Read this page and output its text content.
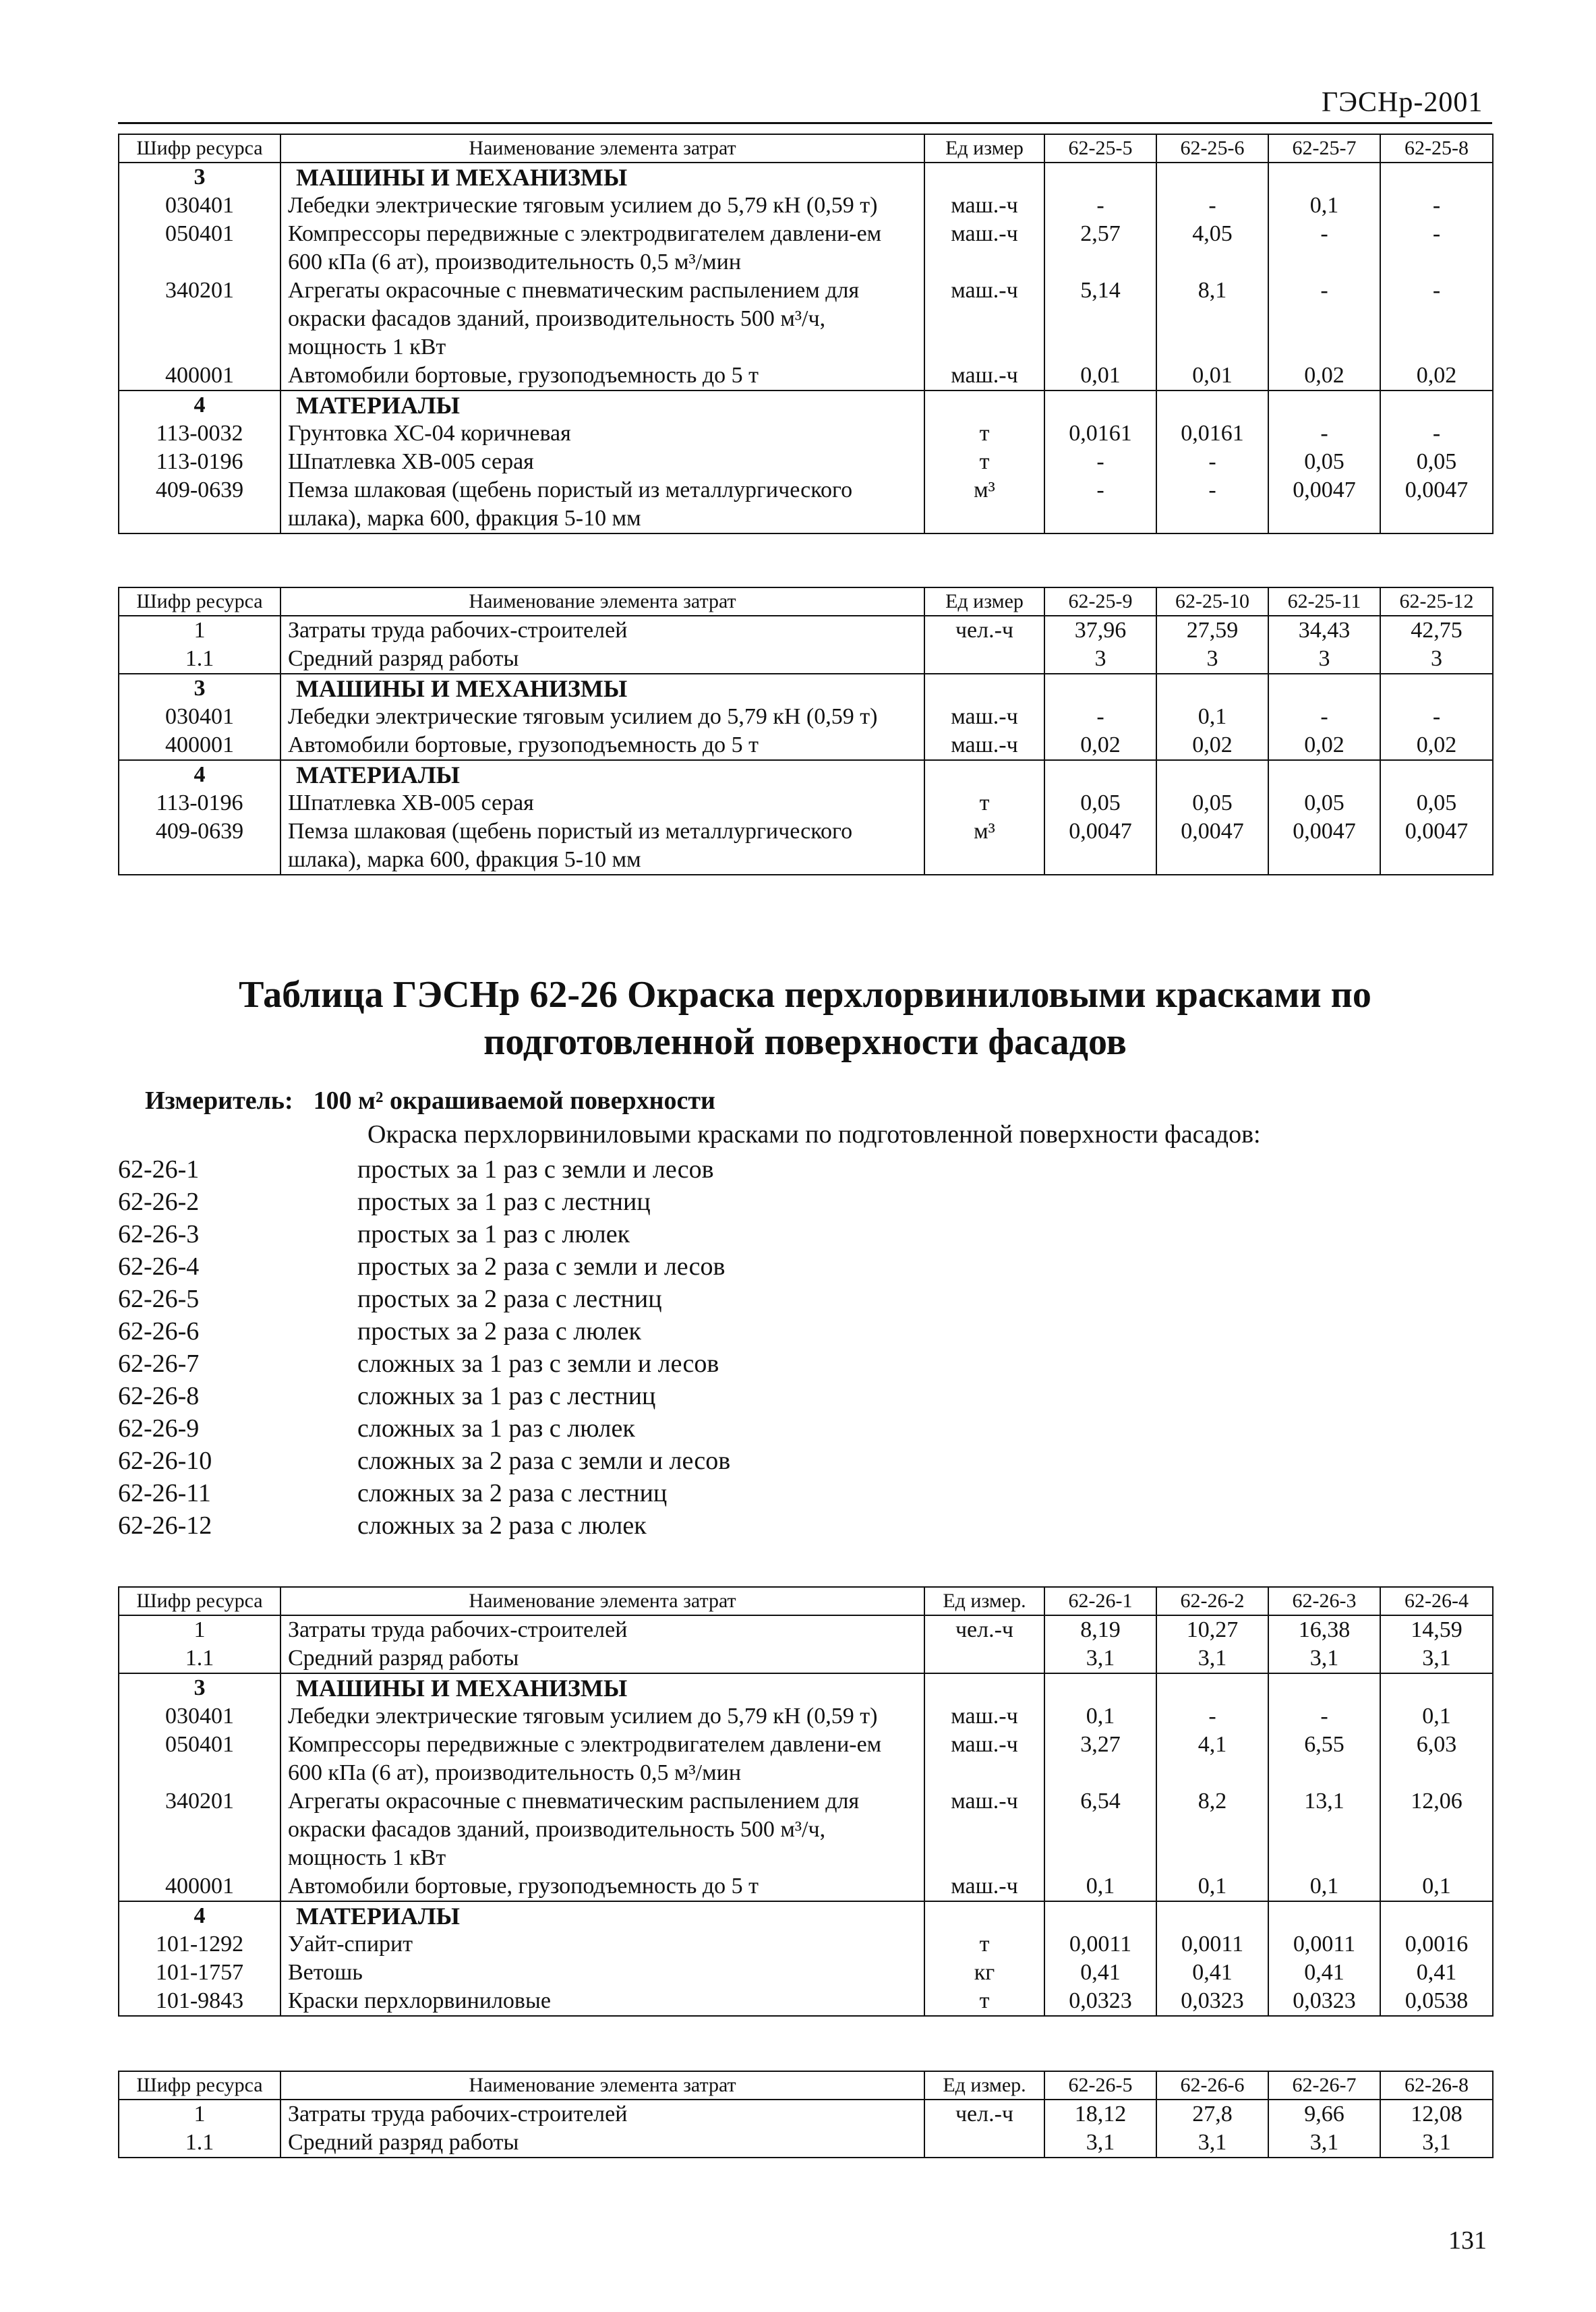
ГЭСНр-2001
Шифр ресурса	Наименование элемента затрат	Ед измер	62-25-5	62-25-6	62-25-7	62-25-8
3	МАШИНЫ И МЕХАНИЗМЫ					
030401	Лебедки электрические тяговым усилием до 5,79 кН (0,59 т)	маш.-ч	-	-	0,1	-
050401	Компрессоры передвижные с электродвигателем давлени-ем 600 кПа (6 ат), производительность 0,5 м³/мин	маш.-ч	2,57	4,05	-	-
340201	Агрегаты окрасочные с пневматическим распылением для окраски фасадов зданий, производительность 500 м³/ч, мощность 1 кВт	маш.-ч	5,14	8,1	-	-
400001	Автомобили бортовые, грузоподъемность до 5 т	маш.-ч	0,01	0,01	0,02	0,02
4	МАТЕРИАЛЫ					
113-0032	Грунтовка ХС-04 коричневая	т	0,0161	0,0161	-	-
113-0196	Шпатлевка ХВ-005 серая	т	-	-	0,05	0,05
409-0639	Пемза шлаковая (щебень пористый из металлургического шлака), марка 600, фракция 5-10 мм	м³	-	-	0,0047	0,0047
Шифр ресурса	Наименование элемента затрат	Ед измер	62-25-9	62-25-10	62-25-11	62-25-12
1	Затраты труда рабочих-строителей	чел.-ч	37,96	27,59	34,43	42,75
1.1	Средний разряд работы		3	3	3	3
3	МАШИНЫ И МЕХАНИЗМЫ					
030401	Лебедки электрические тяговым усилием до 5,79 кН (0,59 т)	маш.-ч	-	0,1	-	-
400001	Автомобили бортовые, грузоподъемность до 5 т	маш.-ч	0,02	0,02	0,02	0,02
4	МАТЕРИАЛЫ					
113-0196	Шпатлевка ХВ-005 серая	т	0,05	0,05	0,05	0,05
409-0639	Пемза шлаковая (щебень пористый из металлургического шлака), марка 600, фракция 5-10 мм	м³	0,0047	0,0047	0,0047	0,0047
Таблица ГЭСНр 62-26 Окраска перхлорвиниловыми красками по подготовленной поверхности фасадов
Измеритель: 100 м² окрашиваемой поверхности
Окраска перхлорвиниловыми красками по подготовленной поверхности фасадов:
62-26-1	простых за 1 раз с земли и лесов
62-26-2	простых за 1 раз с лестниц
62-26-3	простых за 1 раз с люлек
62-26-4	простых за 2 раза с земли и лесов
62-26-5	простых за 2 раза с лестниц
62-26-6	простых за 2 раза с люлек
62-26-7	сложных за 1 раз с земли и лесов
62-26-8	сложных за 1 раз с лестниц
62-26-9	сложных за 1 раз с люлек
62-26-10	сложных за 2 раза с земли и лесов
62-26-11	сложных за 2 раза с лестниц
62-26-12	сложных за 2 раза с люлек
Шифр ресурса	Наименование элемента затрат	Ед измер.	62-26-1	62-26-2	62-26-3	62-26-4
1	Затраты труда рабочих-строителей	чел.-ч	8,19	10,27	16,38	14,59
1.1	Средний разряд работы		3,1	3,1	3,1	3,1
3	МАШИНЫ И МЕХАНИЗМЫ					
030401	Лебедки электрические тяговым усилием до 5,79 кН (0,59 т)	маш.-ч	0,1	-	-	0,1
050401	Компрессоры передвижные с электродвигателем давлени-ем 600 кПа (6 ат), производительность 0,5 м³/мин	маш.-ч	3,27	4,1	6,55	6,03
340201	Агрегаты окрасочные с пневматическим распылением для окраски фасадов зданий, производительность 500 м³/ч, мощность 1 кВт	маш.-ч	6,54	8,2	13,1	12,06
400001	Автомобили бортовые, грузоподъемность до 5 т	маш.-ч	0,1	0,1	0,1	0,1
4	МАТЕРИАЛЫ					
101-1292	Уайт-спирит	т	0,0011	0,0011	0,0011	0,0016
101-1757	Ветошь	кг	0,41	0,41	0,41	0,41
101-9843	Краски перхлорвиниловые	т	0,0323	0,0323	0,0323	0,0538
Шифр ресурса	Наименование элемента затрат	Ед измер.	62-26-5	62-26-6	62-26-7	62-26-8
1	Затраты труда рабочих-строителей	чел.-ч	18,12	27,8	9,66	12,08
1.1	Средний разряд работы		3,1	3,1	3,1	3,1
131
